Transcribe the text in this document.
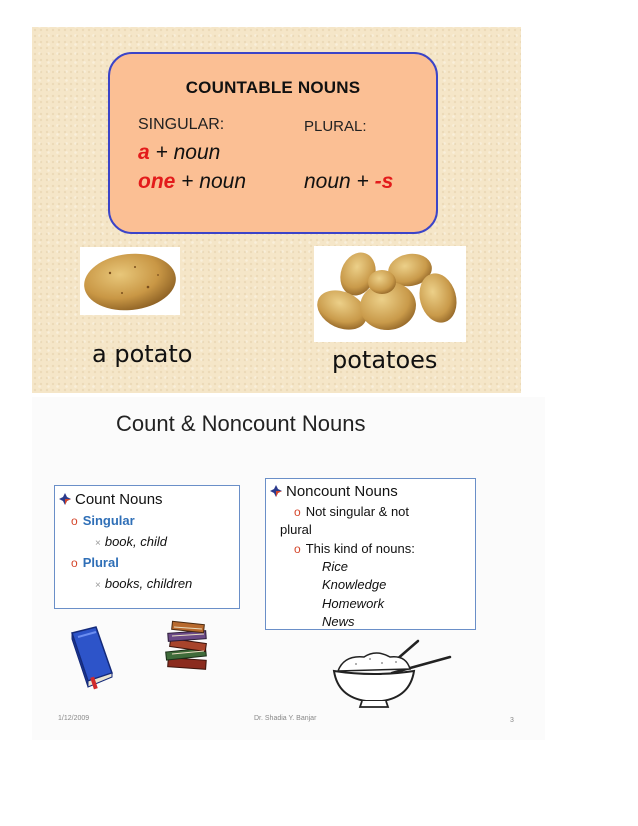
COUNTABLE NOUNS
SINGULAR:	PLURAL:
a + noun
one + noun	noun + -s
a potato	potatoes
Count & Noncount Nouns
Count Nouns
o Singular
× book, child
o Plural
× books, children
Noncount Nouns
o Not singular & not
plural
o This kind of nouns:
Rice
Knowledge
Homework
News
1/12/2009	Dr. Shadia Y. Banjar	3
